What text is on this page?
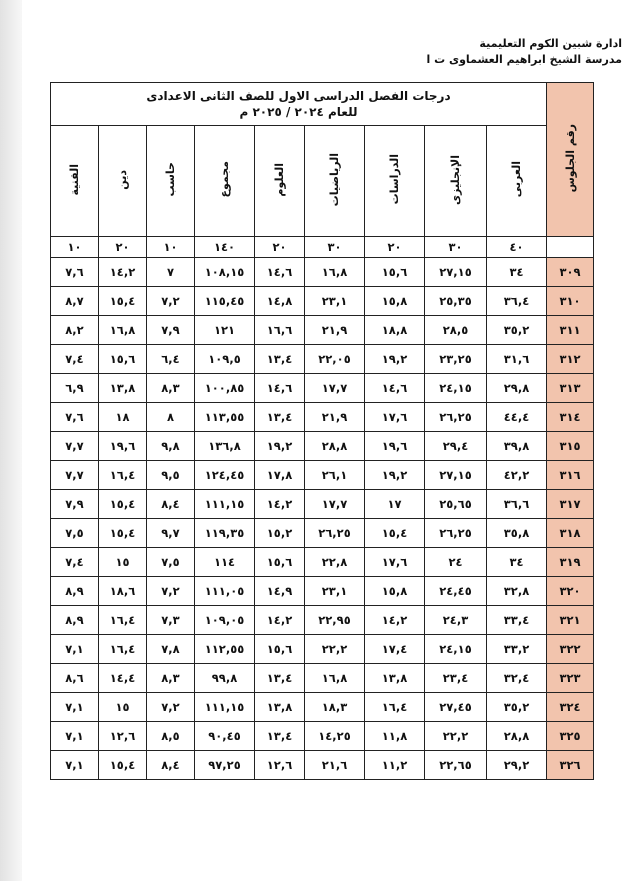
ادارة شبين الكوم التعليمية
مدرسة الشيخ ابراهيم العشماوى ت ا
رقم الجلوس	درجات الفصل الدراسى الاول للصف الثانى الاعدادى
للعام ٢٠٢٤ / ٢٠٢٥ م								

	العربى	الإنجليزى	الدراسات	الرياضيات	العلوم	مجموع	حاسب	دين	الفنية
	٤٠	٣٠	٢٠	٣٠	٢٠	١٤٠	١٠	٢٠	١٠
٣٠٩	٣٤	٢٧,١٥	١٥,٦	١٦,٨	١٤,٦	١٠٨,١٥	٧	١٤,٢	٧,٦
٣١٠	٣٦,٤	٢٥,٣٥	١٥,٨	٢٣,١	١٤,٨	١١٥,٤٥	٧,٢	١٥,٤	٨,٧
٣١١	٣٥,٢	٢٨,٥	١٨,٨	٢١,٩	١٦,٦	١٢١	٧,٩	١٦,٨	٨,٢
٣١٢	٣١,٦	٢٣,٢٥	١٩,٢	٢٢,٠٥	١٣,٤	١٠٩,٥	٦,٤	١٥,٦	٧,٤
٣١٣	٢٩,٨	٢٤,١٥	١٤,٦	١٧,٧	١٤,٦	١٠٠,٨٥	٨,٣	١٣,٨	٦,٩
٣١٤	٤٤,٤	٢٦,٢٥	١٧,٦	٢١,٩	١٣,٤	١١٣,٥٥	٨	١٨	٧,٦
٣١٥	٣٩,٨	٢٩,٤	١٩,٦	٢٨,٨	١٩,٢	١٣٦,٨	٩,٨	١٩,٦	٧,٧
٣١٦	٤٢,٢	٢٧,١٥	١٩,٢	٢٦,١	١٧,٨	١٢٤,٤٥	٩,٥	١٦,٤	٧,٧
٣١٧	٣٦,٦	٢٥,٦٥	١٧	١٧,٧	١٤,٢	١١١,١٥	٨,٤	١٥,٤	٧,٩
٣١٨	٣٥,٨	٢٦,٢٥	١٥,٤	٢٦,٢٥	١٥,٢	١١٩,٣٥	٩,٧	١٥,٤	٧,٥
٣١٩	٣٤	٢٤	١٧,٦	٢٢,٨	١٥,٦	١١٤	٧,٥	١٥	٧,٤
٣٢٠	٣٢,٨	٢٤,٤٥	١٥,٨	٢٣,١	١٤,٩	١١١,٠٥	٧,٢	١٨,٦	٨,٩
٣٢١	٣٣,٤	٢٤,٣	١٤,٢	٢٢,٩٥	١٤,٢	١٠٩,٠٥	٧,٣	١٦,٤	٨,٩
٣٢٢	٣٣,٢	٢٤,١٥	١٧,٤	٢٢,٢	١٥,٦	١١٢,٥٥	٧,٨	١٦,٤	٧,١
٣٢٣	٣٢,٤	٢٣,٤	١٣,٨	١٦,٨	١٣,٤	٩٩,٨	٨,٣	١٤,٤	٨,٦
٣٢٤	٣٥,٢	٢٧,٤٥	١٦,٤	١٨,٣	١٣,٨	١١١,١٥	٧,٢	١٥	٧,١
٣٢٥	٢٨,٨	٢٢,٢	١١,٨	١٤,٢٥	١٣,٤	٩٠,٤٥	٨,٥	١٢,٦	٧,١
٣٢٦	٢٩,٢	٢٢,٦٥	١١,٢	٢١,٦	١٢,٦	٩٧,٢٥	٨,٤	١٥,٤	٧,١
